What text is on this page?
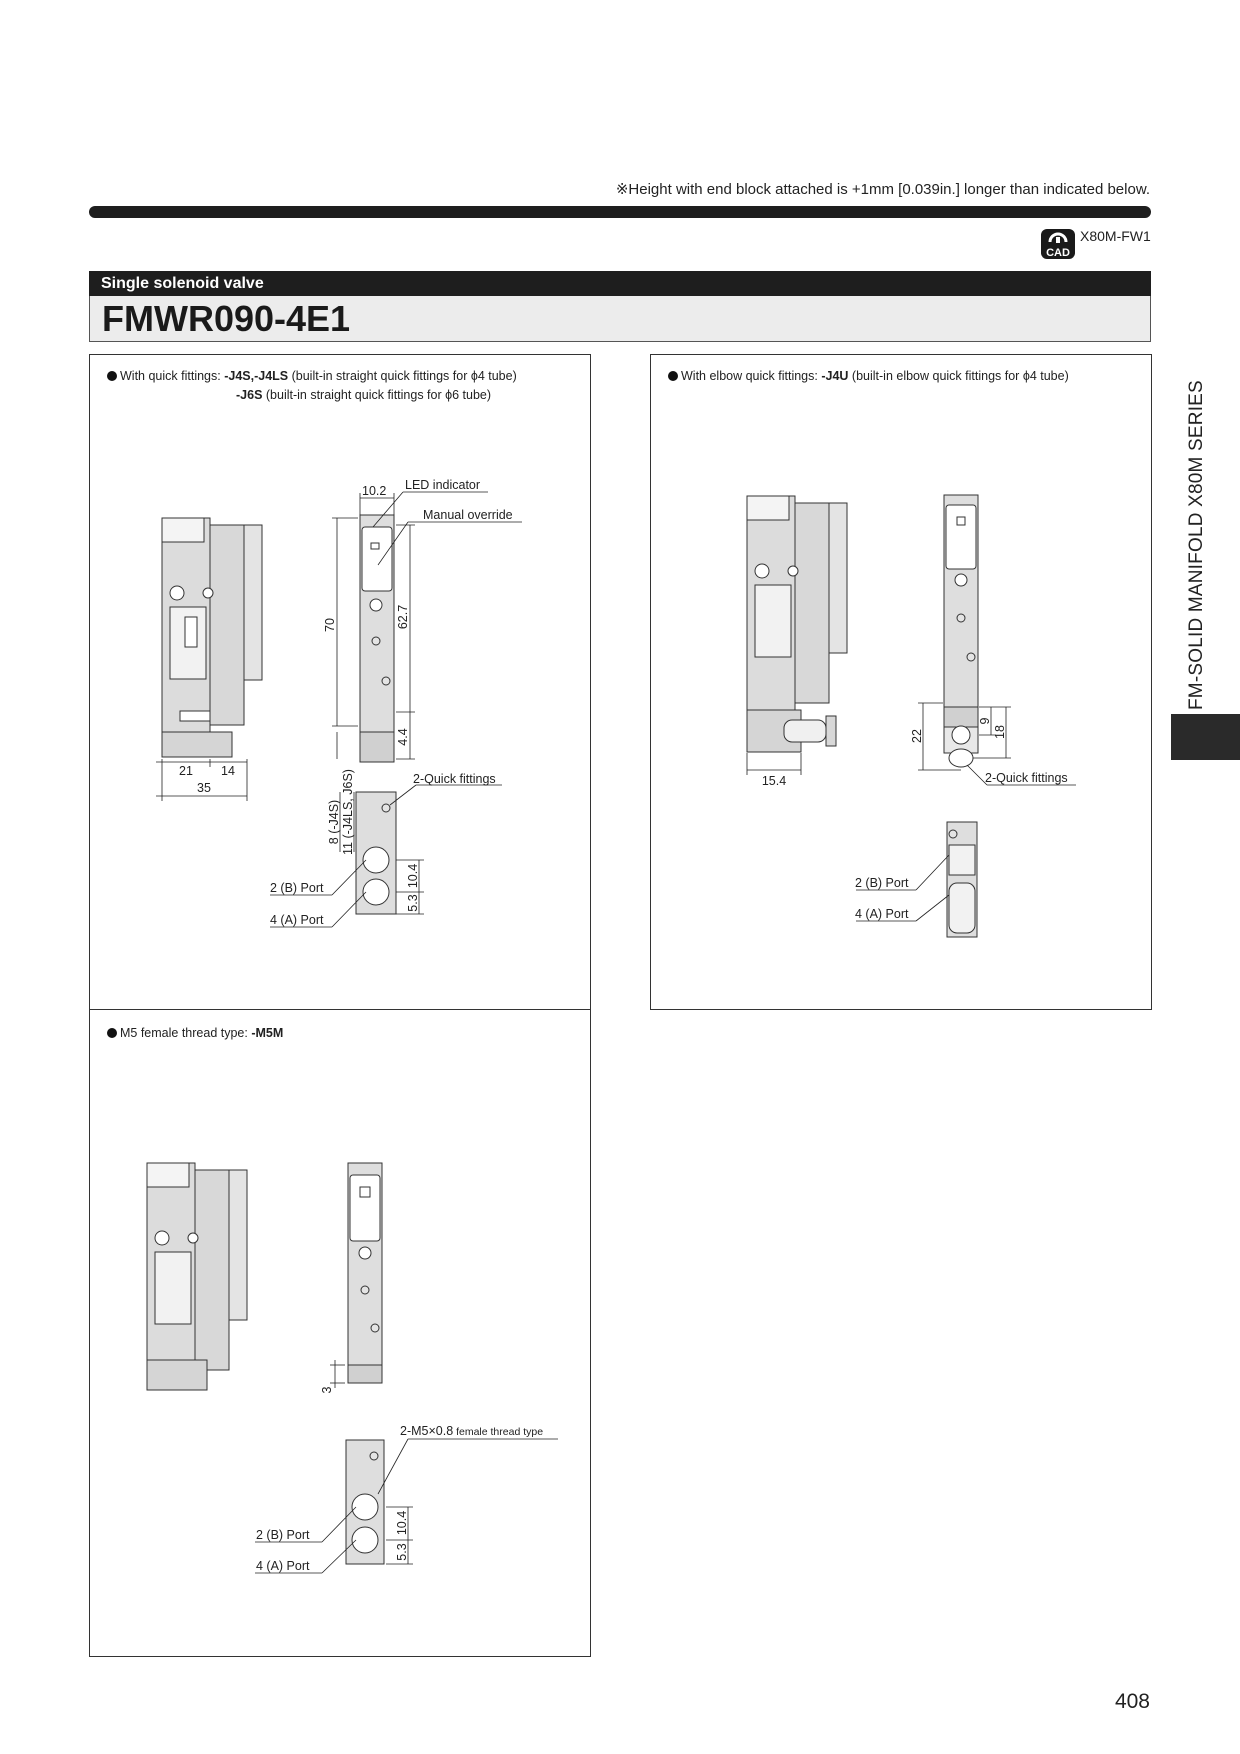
※Height with end block attached is +1mm [0.039in.] longer than indicated below.
CAD
X80M-FW1
Single solenoid valve
FMWR090-4E1
With quick fittings: -J4S,-J4LS (built-in straight quick fittings for ϕ4 tube)
-J6S (built-in straight quick fittings for ϕ6 tube)
10.2 LED indicator
Manual override
70	62.7
4.4
21 14
35
8 (-J4S) 11 (-J4LS, J6S)	2-Quick fittings
10.4
5.3
2 (B) Port
4 (A) Port
With elbow quick fittings: -J4U (built-in elbow quick fittings for ϕ4 tube)
15.4
22
9
18
2-Quick fittings
2 (B) Port
4 (A) Port
M5 female thread type: -M5M
3
10.4
5.3
2-M5×0.8 female thread type
2 (B) Port
4 (A) Port
FM-SOLID MANIFOLD X80M SERIES
408
